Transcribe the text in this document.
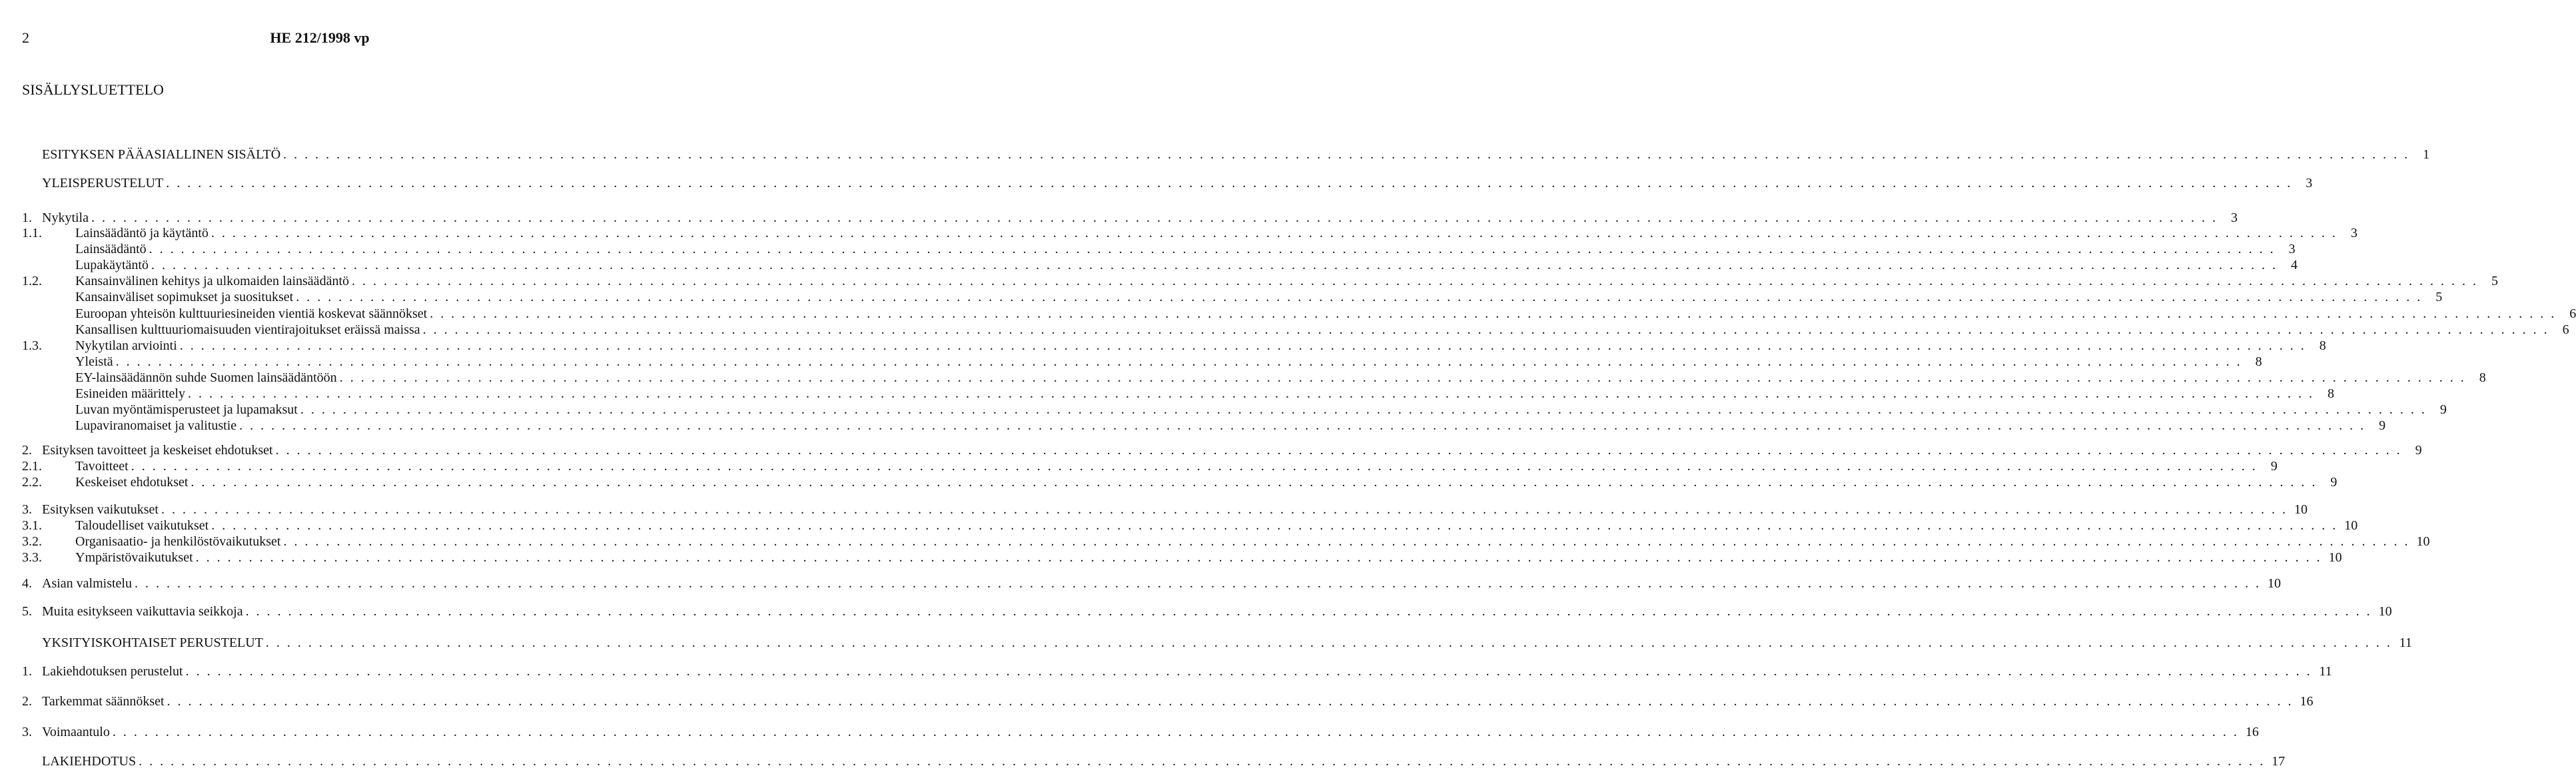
2	HE 212/1998 vp
SISÄLLYSLUETTELO
ESITYKSEN PÄÄASIALLINEN SISÄLTÖ . . . . . . . . . . . . . . . . . . . . . . . . . . . . . . . . . . . . . . . . . . . . . . . . . . . . . . . . . . . . . . . . . . . . . . . . . . . . . . . . . . . . . . . . . . . . . . . . . . . . . . . . . . . . . . . . . . . . . . . . . . . . . . . . . . . . . . . . . . . . . . . . . . . . . . . . . . . . . . . . . . . . . . . . . . . . . . . . . . . . . . . . . . . . . . . . . . . . . . . .	1
YLEISPERUSTELUT . . . . . . . . . . . . . . . . . . . . . . . . . . . . . . . . . . . . . . . . . . . . . . . . . . . . . . . . . . . . . . . . . . . . . . . . . . . . . . . . . . . . . . . . . . . . . . . . . . . . . . . . . . . . . . . . . . . . . . . . . . . . . . . . . . . . . . . . . . . . . . . . . . . . . . . . . . . . . . . . . . . . . . . . . . . . . . . . . . . . . . . . . . . . . . . . . . . . . . . .	3
1. Nykytila . . . . . . . . . . . . . . . . . . . . . . . . . . . . . . . . . . . . . . . . . . . . . . . . . . . . . . . . . . . . . . . . . . . . . . . . . . . . . . . . . . . . . . . . . . . . . . . . . . . . . . . . . . . . . . . . . . . . . . . . . . . . . . . . . . . . . . . . . . . . . . . . . . . . . . . . . . . . . . . . . . . . . . . . . . . . . . . . . . . . . . . . . . . . . . . . . . . . . . . .	3
1.1.	Lainsäädäntö ja käytäntö . . . . . . . . . . . . . . . . . . . . . . . . . . . . . . . . . . . . . . . . . . . . . . . . . . . . . . . . . . . . . . . . . . . . . . . . . . . . . . . . . . . . . . . . . . . . . . . . . . . . . . . . . . . . . . . . . . . . . . . . . . . . . . . . . . . . . . . . . . . . . . . . . . . . . . . . . . . . . . . . . . . . . . . . . . . . . . . . . . . . . . . . . . . . . . . . . . . . . . . .	3
Lainsäädäntö . . . . . . . . . . . . . . . . . . . . . . . . . . . . . . . . . . . . . . . . . . . . . . . . . . . . . . . . . . . . . . . . . . . . . . . . . . . . . . . . . . . . . . . . . . . . . . . . . . . . . . . . . . . . . . . . . . . . . . . . . . . . . . . . . . . . . . . . . . . . . . . . . . . . . . . . . . . . . . . . . . . . . . . . . . . . . . . . . . . . . . . . . . . . . . . . . . . . . . . .	3
Lupakäytäntö . . . . . . . . . . . . . . . . . . . . . . . . . . . . . . . . . . . . . . . . . . . . . . . . . . . . . . . . . . . . . . . . . . . . . . . . . . . . . . . . . . . . . . . . . . . . . . . . . . . . . . . . . . . . . . . . . . . . . . . . . . . . . . . . . . . . . . . . . . . . . . . . . . . . . . . . . . . . . . . . . . . . . . . . . . . . . . . . . . . . . . . . . . . . . . . . . . . . . . . .	4
1.2.	Kansainvälinen kehitys ja ulkomaiden lainsäädäntö . . . . . . . . . . . . . . . . . . . . . . . . . . . . . . . . . . . . . . . . . . . . . . . . . . . . . . . . . . . . . . . . . . . . . . . . . . . . . . . . . . . . . . . . . . . . . . . . . . . . . . . . . . . . . . . . . . . . . . . . . . . . . . . . . . . . . . . . . . . . . . . . . . . . . . . . . . . . . . . . . . . . . . . . . . . . . . . . . . . . . . . . . . . . . . . . . . . . . . . .	5
Kansainväliset sopimukset ja suositukset . . . . . . . . . . . . . . . . . . . . . . . . . . . . . . . . . . . . . . . . . . . . . . . . . . . . . . . . . . . . . . . . . . . . . . . . . . . . . . . . . . . . . . . . . . . . . . . . . . . . . . . . . . . . . . . . . . . . . . . . . . . . . . . . . . . . . . . . . . . . . . . . . . . . . . . . . . . . . . . . . . . . . . . . . . . . . . . . . . . . . . . . . . . . . . . . . . . . . . . .	5
Euroopan yhteisön kulttuuriesineiden vientiä koskevat säännökset . . . . . . . . . . . . . . . . . . . . . . . . . . . . . . . . . . . . . . . . . . . . . . . . . . . . . . . . . . . . . . . . . . . . . . . . . . . . . . . . . . . . . . . . . . . . . . . . . . . . . . . . . . . . . . . . . . . . . . . . . . . . . . . . . . . . . . . . . . . . . . . . . . . . . . . . . . . . . . . . . . . . . . . . . . . . . . . . . . . . . . . . . . . . . . . . . . . . . . . .	6
Kansallisen kulttuuriomaisuuden vientirajoitukset eräissä maissa . . . . . . . . . . . . . . . . . . . . . . . . . . . . . . . . . . . . . . . . . . . . . . . . . . . . . . . . . . . . . . . . . . . . . . . . . . . . . . . . . . . . . . . . . . . . . . . . . . . . . . . . . . . . . . . . . . . . . . . . . . . . . . . . . . . . . . . . . . . . . . . . . . . . . . . . . . . . . . . . . . . . . . . . . . . . . . . . . . . . . . . . . . . . . . . . . . . . . . . .	6
1.3.	Nykytilan arviointi . . . . . . . . . . . . . . . . . . . . . . . . . . . . . . . . . . . . . . . . . . . . . . . . . . . . . . . . . . . . . . . . . . . . . . . . . . . . . . . . . . . . . . . . . . . . . . . . . . . . . . . . . . . . . . . . . . . . . . . . . . . . . . . . . . . . . . . . . . . . . . . . . . . . . . . . . . . . . . . . . . . . . . . . . . . . . . . . . . . . . . . . . . . . . . . . . . . . . . . .	8
Yleistä . . . . . . . . . . . . . . . . . . . . . . . . . . . . . . . . . . . . . . . . . . . . . . . . . . . . . . . . . . . . . . . . . . . . . . . . . . . . . . . . . . . . . . . . . . . . . . . . . . . . . . . . . . . . . . . . . . . . . . . . . . . . . . . . . . . . . . . . . . . . . . . . . . . . . . . . . . . . . . . . . . . . . . . . . . . . . . . . . . . . . . . . . . . . . . . . . . . . . . . .	8
EY-lainsäädännön suhde Suomen lainsäädäntöön . . . . . . . . . . . . . . . . . . . . . . . . . . . . . . . . . . . . . . . . . . . . . . . . . . . . . . . . . . . . . . . . . . . . . . . . . . . . . . . . . . . . . . . . . . . . . . . . . . . . . . . . . . . . . . . . . . . . . . . . . . . . . . . . . . . . . . . . . . . . . . . . . . . . . . . . . . . . . . . . . . . . . . . . . . . . . . . . . . . . . . . . . . . . . . . . . . . . . . . .	8
Esineiden määrittely . . . . . . . . . . . . . . . . . . . . . . . . . . . . . . . . . . . . . . . . . . . . . . . . . . . . . . . . . . . . . . . . . . . . . . . . . . . . . . . . . . . . . . . . . . . . . . . . . . . . . . . . . . . . . . . . . . . . . . . . . . . . . . . . . . . . . . . . . . . . . . . . . . . . . . . . . . . . . . . . . . . . . . . . . . . . . . . . . . . . . . . . . . . . . . . . . . . . . . . .	8
Luvan myöntämisperusteet ja lupamaksut . . . . . . . . . . . . . . . . . . . . . . . . . . . . . . . . . . . . . . . . . . . . . . . . . . . . . . . . . . . . . . . . . . . . . . . . . . . . . . . . . . . . . . . . . . . . . . . . . . . . . . . . . . . . . . . . . . . . . . . . . . . . . . . . . . . . . . . . . . . . . . . . . . . . . . . . . . . . . . . . . . . . . . . . . . . . . . . . . . . . . . . . . . . . . . . . . . . . . . . .	9
Lupaviranomaiset ja valitustie . . . . . . . . . . . . . . . . . . . . . . . . . . . . . . . . . . . . . . . . . . . . . . . . . . . . . . . . . . . . . . . . . . . . . . . . . . . . . . . . . . . . . . . . . . . . . . . . . . . . . . . . . . . . . . . . . . . . . . . . . . . . . . . . . . . . . . . . . . . . . . . . . . . . . . . . . . . . . . . . . . . . . . . . . . . . . . . . . . . . . . . . . . . . . . . . . . . . . . . .	9
2. Esityksen tavoitteet ja keskeiset ehdotukset . . . . . . . . . . . . . . . . . . . . . . . . . . . . . . . . . . . . . . . . . . . . . . . . . . . . . . . . . . . . . . . . . . . . . . . . . . . . . . . . . . . . . . . . . . . . . . . . . . . . . . . . . . . . . . . . . . . . . . . . . . . . . . . . . . . . . . . . . . . . . . . . . . . . . . . . . . . . . . . . . . . . . . . . . . . . . . . . . . . . . . . . . . . . . . . . . . . . . . . .	9
2.1.	Tavoitteet . . . . . . . . . . . . . . . . . . . . . . . . . . . . . . . . . . . . . . . . . . . . . . . . . . . . . . . . . . . . . . . . . . . . . . . . . . . . . . . . . . . . . . . . . . . . . . . . . . . . . . . . . . . . . . . . . . . . . . . . . . . . . . . . . . . . . . . . . . . . . . . . . . . . . . . . . . . . . . . . . . . . . . . . . . . . . . . . . . . . . . . . . . . . . . . . . . . . . . . .	9
2.2.	Keskeiset ehdotukset . . . . . . . . . . . . . . . . . . . . . . . . . . . . . . . . . . . . . . . . . . . . . . . . . . . . . . . . . . . . . . . . . . . . . . . . . . . . . . . . . . . . . . . . . . . . . . . . . . . . . . . . . . . . . . . . . . . . . . . . . . . . . . . . . . . . . . . . . . . . . . . . . . . . . . . . . . . . . . . . . . . . . . . . . . . . . . . . . . . . . . . . . . . . . . . . . . . . . . . .	9
3. Esityksen vaikutukset . . . . . . . . . . . . . . . . . . . . . . . . . . . . . . . . . . . . . . . . . . . . . . . . . . . . . . . . . . . . . . . . . . . . . . . . . . . . . . . . . . . . . . . . . . . . . . . . . . . . . . . . . . . . . . . . . . . . . . . . . . . . . . . . . . . . . . . . . . . . . . . . . . . . . . . . . . . . . . . . . . . . . . . . . . . . . . . . . . . . . . . . . . . . . . . . . . . . . . . . 10
3.1.	Taloudelliset vaikutukset . . . . . . . . . . . . . . . . . . . . . . . . . . . . . . . . . . . . . . . . . . . . . . . . . . . . . . . . . . . . . . . . . . . . . . . . . . . . . . . . . . . . . . . . . . . . . . . . . . . . . . . . . . . . . . . . . . . . . . . . . . . . . . . . . . . . . . . . . . . . . . . . . . . . . . . . . . . . . . . . . . . . . . . . . . . . . . . . . . . . . . . . . . . . . . . . . . . . . . . . 10
3.2.	Organisaatio- ja henkilöstövaikutukset . . . . . . . . . . . . . . . . . . . . . . . . . . . . . . . . . . . . . . . . . . . . . . . . . . . . . . . . . . . . . . . . . . . . . . . . . . . . . . . . . . . . . . . . . . . . . . . . . . . . . . . . . . . . . . . . . . . . . . . . . . . . . . . . . . . . . . . . . . . . . . . . . . . . . . . . . . . . . . . . . . . . . . . . . . . . . . . . . . . . . . . . . . . . . . . . . . . . . . . . 10
3.3.	Ympäristövaikutukset . . . . . . . . . . . . . . . . . . . . . . . . . . . . . . . . . . . . . . . . . . . . . . . . . . . . . . . . . . . . . . . . . . . . . . . . . . . . . . . . . . . . . . . . . . . . . . . . . . . . . . . . . . . . . . . . . . . . . . . . . . . . . . . . . . . . . . . . . . . . . . . . . . . . . . . . . . . . . . . . . . . . . . . . . . . . . . . . . . . . . . . . . . . . . . . . . . . . . . . . 10
4. Asian valmistelu . . . . . . . . . . . . . . . . . . . . . . . . . . . . . . . . . . . . . . . . . . . . . . . . . . . . . . . . . . . . . . . . . . . . . . . . . . . . . . . . . . . . . . . . . . . . . . . . . . . . . . . . . . . . . . . . . . . . . . . . . . . . . . . . . . . . . . . . . . . . . . . . . . . . . . . . . . . . . . . . . . . . . . . . . . . . . . . . . . . . . . . . . . . . . . . . . . . . . . . . 10
5. Muita esitykseen vaikuttavia seikkoja . . . . . . . . . . . . . . . . . . . . . . . . . . . . . . . . . . . . . . . . . . . . . . . . . . . . . . . . . . . . . . . . . . . . . . . . . . . . . . . . . . . . . . . . . . . . . . . . . . . . . . . . . . . . . . . . . . . . . . . . . . . . . . . . . . . . . . . . . . . . . . . . . . . . . . . . . . . . . . . . . . . . . . . . . . . . . . . . . . . . . . . . . . . . . . . . . . . . . . . . 10
YKSITYISKOHTAISET PERUSTELUT . . . . . . . . . . . . . . . . . . . . . . . . . . . . . . . . . . . . . . . . . . . . . . . . . . . . . . . . . . . . . . . . . . . . . . . . . . . . . . . . . . . . . . . . . . . . . . . . . . . . . . . . . . . . . . . . . . . . . . . . . . . . . . . . . . . . . . . . . . . . . . . . . . . . . . . . . . . . . . . . . . . . . . . . . . . . . . . . . . . . . . . . . . . . . . . . . . . . . . . . 11
1. Lakiehdotuksen perustelut . . . . . . . . . . . . . . . . . . . . . . . . . . . . . . . . . . . . . . . . . . . . . . . . . . . . . . . . . . . . . . . . . . . . . . . . . . . . . . . . . . . . . . . . . . . . . . . . . . . . . . . . . . . . . . . . . . . . . . . . . . . . . . . . . . . . . . . . . . . . . . . . . . . . . . . . . . . . . . . . . . . . . . . . . . . . . . . . . . . . . . . . . . . . . . . . . . . . . . . . 11
2. Tarkemmat säännökset . . . . . . . . . . . . . . . . . . . . . . . . . . . . . . . . . . . . . . . . . . . . . . . . . . . . . . . . . . . . . . . . . . . . . . . . . . . . . . . . . . . . . . . . . . . . . . . . . . . . . . . . . . . . . . . . . . . . . . . . . . . . . . . . . . . . . . . . . . . . . . . . . . . . . . . . . . . . . . . . . . . . . . . . . . . . . . . . . . . . . . . . . . . . . . . . . . . . . . . . 16
3. Voimaantulo . . . . . . . . . . . . . . . . . . . . . . . . . . . . . . . . . . . . . . . . . . . . . . . . . . . . . . . . . . . . . . . . . . . . . . . . . . . . . . . . . . . . . . . . . . . . . . . . . . . . . . . . . . . . . . . . . . . . . . . . . . . . . . . . . . . . . . . . . . . . . . . . . . . . . . . . . . . . . . . . . . . . . . . . . . . . . . . . . . . . . . . . . . . . . . . . . . . . . . . . 16
LAKIEHDOTUS . . . . . . . . . . . . . . . . . . . . . . . . . . . . . . . . . . . . . . . . . . . . . . . . . . . . . . . . . . . . . . . . . . . . . . . . . . . . . . . . . . . . . . . . . . . . . . . . . . . . . . . . . . . . . . . . . . . . . . . . . . . . . . . . . . . . . . . . . . . . . . . . . . . . . . . . . . . . . . . . . . . . . . . . . . . . . . . . . . . . . . . . . . . . . . . . . . . . . . . . 17
